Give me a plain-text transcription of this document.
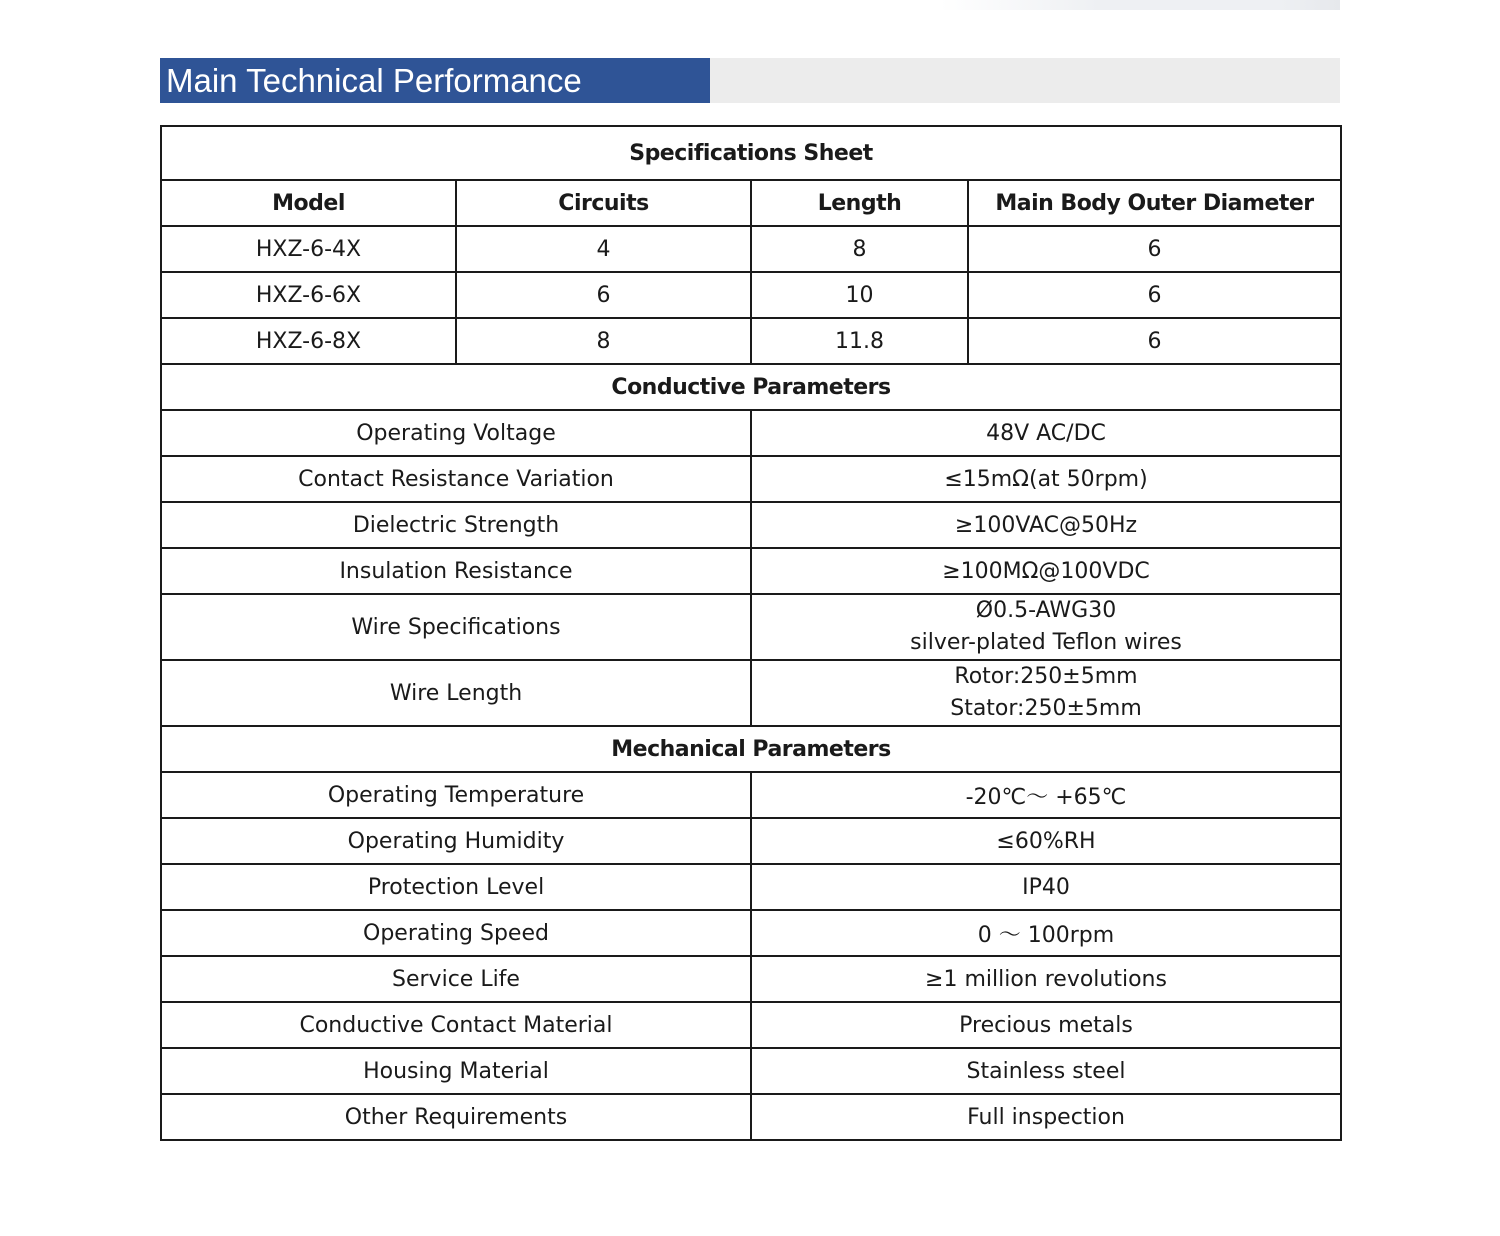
Main Technical Performance
Specifications Sheet			
Model	Circuits	Length	Main Body Outer Diameter
HXZ-6-4X	4	8	6
HXZ-6-6X	6	10	6
HXZ-6-8X	8	11.8	6
Conductive Parameters			
Operating Voltage		48V AC/DC	
Contact Resistance Variation		≤15mΩ(at 50rpm)	
Dielectric Strength		≥100VAC@50Hz	
Insulation Resistance		≥100MΩ@100VDC	
Wire Specifications		Ø0.5-AWG30
silver-plated Teflon wires	

Wire Length		Rotor:250±5mm
Stator:250±5mm	

Mechanical Parameters			
Operating Temperature		-20℃～ +65℃	
Operating Humidity		≤60%RH	
Protection Level		IP40	
Operating Speed		0 ～ 100rpm	
Service Life		≥1 million revolutions	
Conductive Contact Material		Precious metals	
Housing Material		Stainless steel	
Other Requirements		Full inspection	
